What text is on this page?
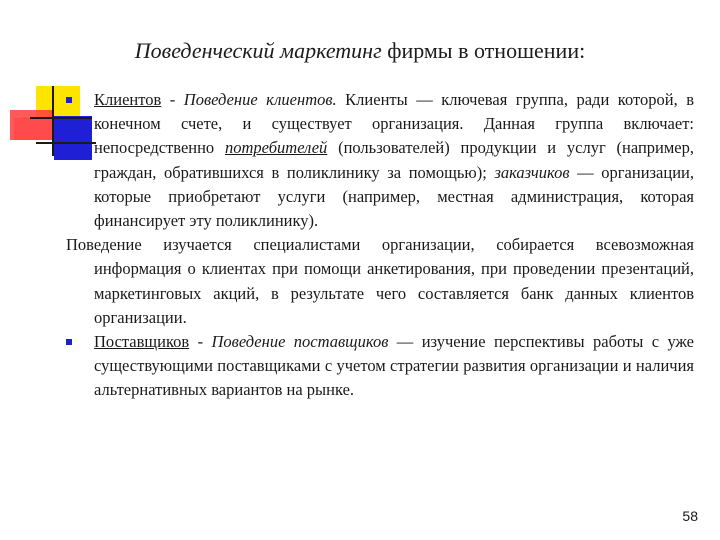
Поведенческий маркетинг фирмы в отношении:

Клиентов - Поведение клиентов. Клиенты — ключевая группа, ради которой, в конечном счете, и существует организация. Данная группа включает: непосредственно потребителей (пользователей) продукции и услуг (например, граждан, обратившихся в поликлинику за помощью); заказчиков — организации, которые приобретают услуги (например, местная администрация, которая финансирует эту поликлинику).

Поведение изучается специалистами организации, собирается всевозможная информация о клиентах при помощи анкетирования, при проведении презентаций, маркетинговых акций, в результате чего составляется банк данных клиентов организации.

Поставщиков - Поведение поставщиков — изучение перспективы работы с уже существующими поставщиками с учетом стратегии развития организации и наличия альтернативных вариантов на рынке.

58
